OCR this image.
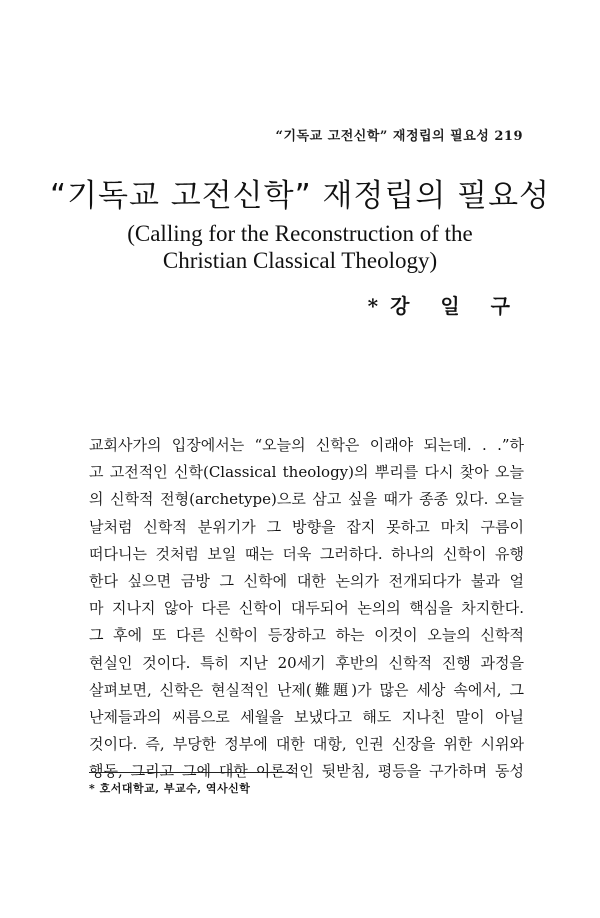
“기독교 고전신학” 재정립의 필요성 219
“기독교 고전신학” 재정립의 필요성
(Calling for the Reconstruction of the
Christian Classical Theology)
*강 일 구
교회사가의 입장에서는 “오늘의 신학은 이래야 되는데. . .”하
고 고전적인 신학(Classical theology)의 뿌리를 다시 찾아 오늘
의 신학적 전형(archetype)으로 삼고 싶을 때가 종종 있다. 오늘
날처럼 신학적 분위기가 그 방향을 잡지 못하고 마치 구름이
떠다니는 것처럼 보일 때는 더욱 그러하다. 하나의 신학이 유행
한다 싶으면 금방 그 신학에 대한 논의가 전개되다가 불과 얼
마 지나지 않아 다른 신학이 대두되어 논의의 핵심을 차지한다.
그 후에 또 다른 신학이 등장하고 하는 이것이 오늘의 신학적
현실인 것이다. 특히 지난 20세기 후반의 신학적 진행 과정을
살펴보면, 신학은 현실적인 난제(難題)가 많은 세상 속에서, 그
난제들과의 씨름으로 세월을 보냈다고 해도 지나친 말이 아닐
것이다. 즉, 부당한 정부에 대한 대항, 인권 신장을 위한 시위와
행동, 그리고 그에 대한 이론적인 뒷받침, 평등을 구가하며 동성
* 호서대학교, 부교수, 역사신학
